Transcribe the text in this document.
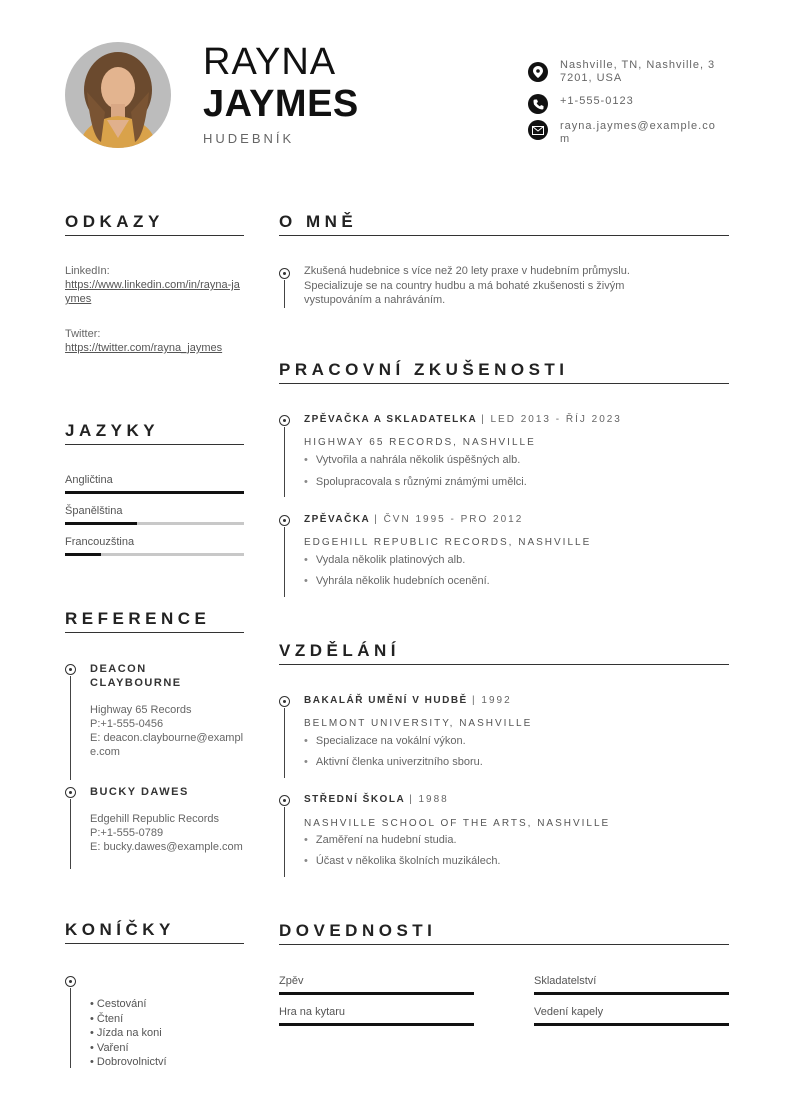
RAYNA
JAYMES
HUDEBNÍK
Nashville, TN, Nashville, 37201, USA
+1-555-0123
rayna.jaymes@example.com
ODKAZY
LinkedIn:
https://www.linkedin.com/in/rayna-jaymes
Twitter:
https://twitter.com/rayna_jaymes
JAZYKY
Angličtina
Španělština
Francouzština
REFERENCE
DEACON CLAYBOURNE
Highway 65 Records
P:+1-555-0456
E: deacon.claybourne@example.com
BUCKY DAWES
Edgehill Republic Records
P:+1-555-0789
E: bucky.dawes@example.com
KONÍČKY
• Cestování
• Čtení
• Jízda na koni
• Vaření
• Dobrovolnictví
O MNĚ
Zkušená hudebnice s více než 20 lety praxe v hudebním průmyslu. Specializuje se na country hudbu a má bohaté zkušenosti s živým vystupováním a nahráváním.
PRACOVNÍ ZKUŠENOSTI
ZPĚVAČKA A SKLADATELKA | LED 2013 - ŘÍJ 2023
HIGHWAY 65 RECORDS, NASHVILLE
• Vytvořila a nahrála několik úspěšných alb.
• Spolupracovala s různými známými umělci.
ZPĚVAČKA | ČVN 1995 - PRO 2012
EDGEHILL REPUBLIC RECORDS, NASHVILLE
• Vydala několik platinových alb.
• Vyhrála několik hudebních ocenění.
VZDĚLÁNÍ
BAKALÁŘ UMĚNÍ V HUDBĚ | 1992
BELMONT UNIVERSITY, NASHVILLE
• Specializace na vokální výkon.
• Aktivní členka univerzitního sboru.
STŘEDNÍ ŠKOLA | 1988
NASHVILLE SCHOOL OF THE ARTS, NASHVILLE
• Zaměření na hudební studia.
• Účast v několika školních muzikálech.
DOVEDNOSTI
Zpěv	Skladatelství
Hra na kytaru	Vedení kapely
